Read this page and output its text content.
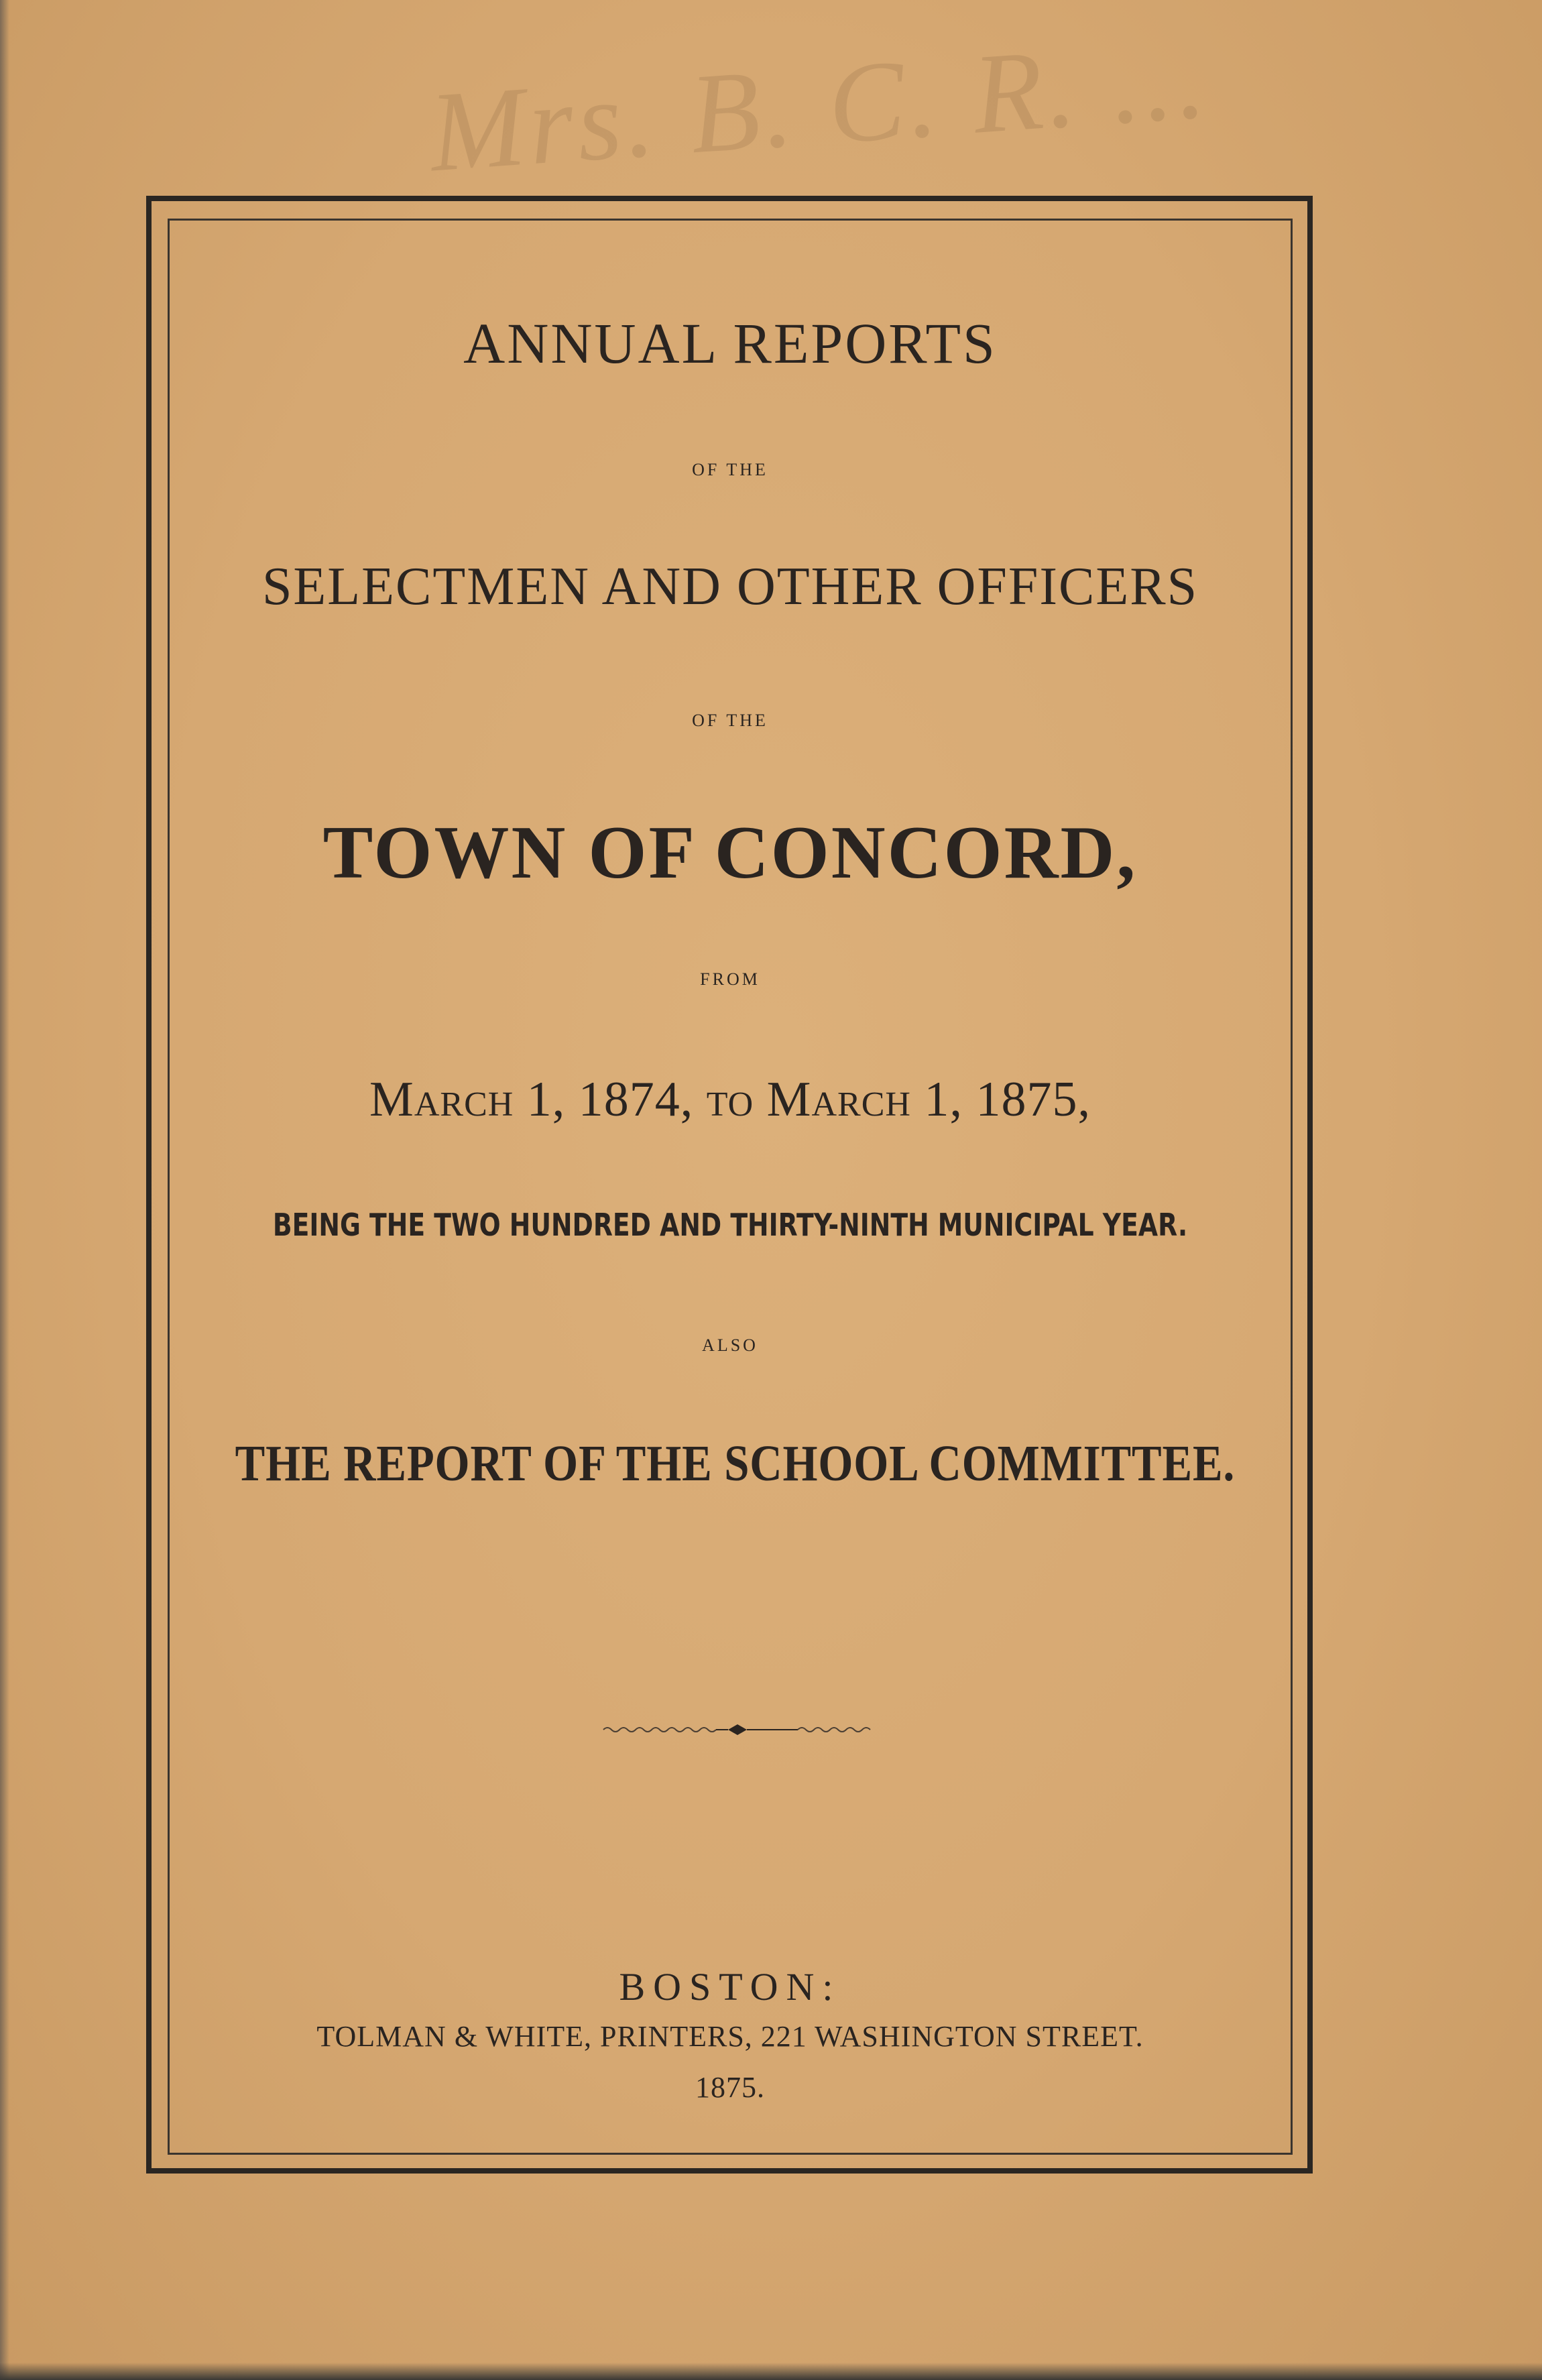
Mrs. B. C. R. ...
ANNUAL REPORTS
OF THE
SELECTMEN AND OTHER OFFICERS
OF THE
TOWN OF CONCORD,
FROM
March 1, 1874, to March 1, 1875,
BEING THE TWO HUNDRED AND THIRTY-NINTH MUNICIPAL YEAR.
ALSO
THE REPORT OF THE SCHOOL COMMITTEE.
BOSTON:
TOLMAN & WHITE, PRINTERS, 221 WASHINGTON STREET.
1875.
